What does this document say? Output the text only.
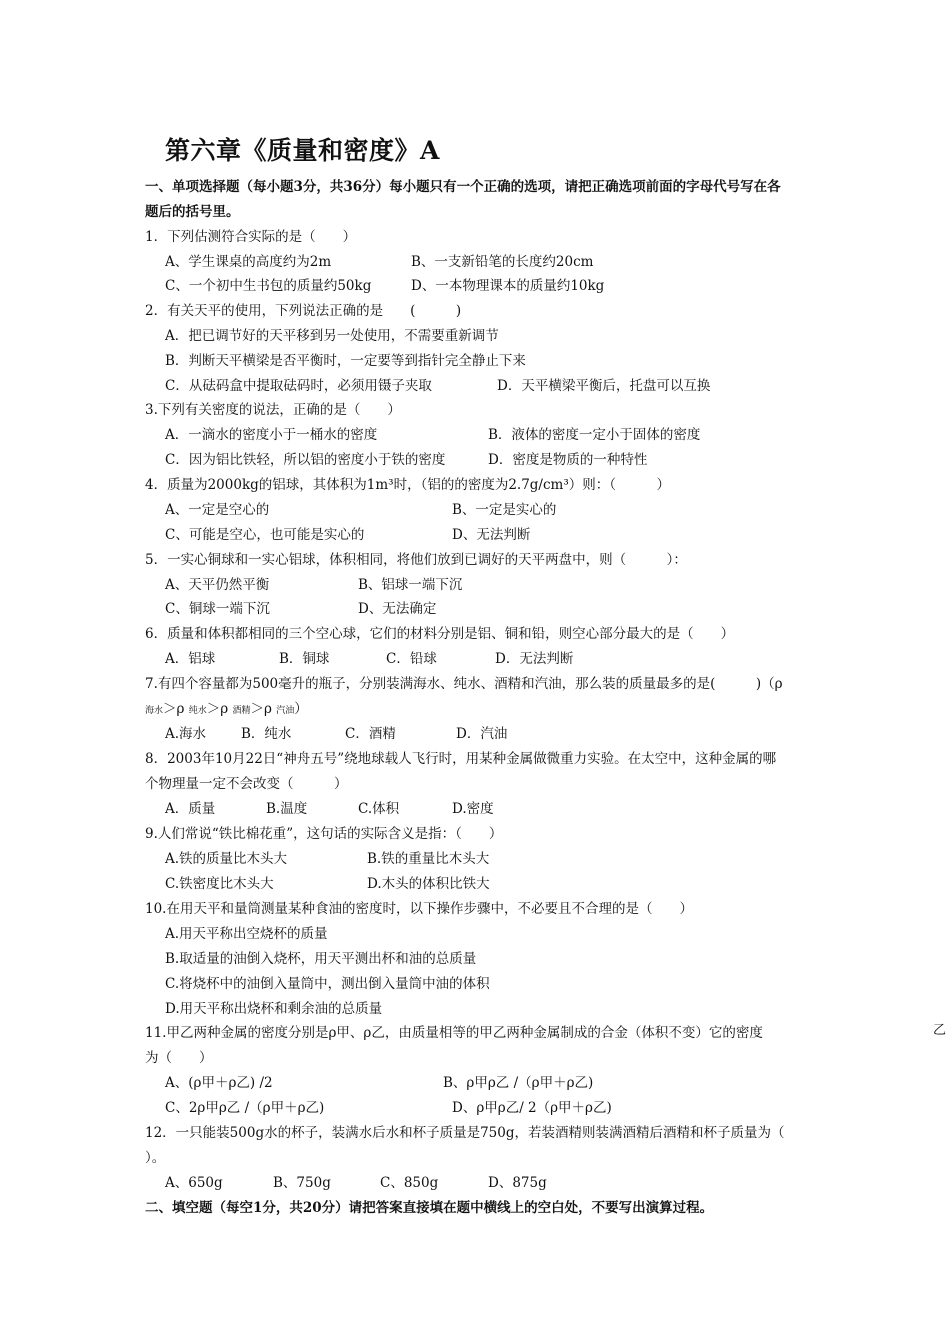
第六章《质量和密度》A
一、单项选择题（每小题3分，共36分）每小题只有一个正确的选项，请把正确选项前面的字母代号写在各
题后的括号里。
1．下列估测符合实际的是（　　）
A、学生课桌的高度约为2m	B、一支新铅笔的长度约20cm
C、一个初中生书包的质量约50kg	D、一本物理课本的质量约10kg
2．有关天平的使用，下列说法正确的是　　(　　　)
A．把已调节好的天平移到另一处使用，不需要重新调节
B．判断天平横梁是否平衡时，一定要等到指针完全静止下来
C．从砝码盒中提取砝码时，必须用镊子夹取	D．天平横梁平衡后，托盘可以互换
3.下列有关密度的说法，正确的是（　　）
A．一滴水的密度小于一桶水的密度	B．液体的密度一定小于固体的密度
C．因为铝比铁轻，所以铝的密度小于铁的密度	D．密度是物质的一种特性
4．质量为2000kg的铝球，其体积为1m³时，（铝的的密度为2.7g/cm³）则：（　　　）
A、一定是空心的	B、一定是实心的
C、可能是空心，也可能是实心的	D、无法判断
5．一实心铜球和一实心铝球，体积相同，将他们放到已调好的天平两盘中，则（　　　）：
A、天平仍然平衡	B、铝球一端下沉
C、铜球一端下沉	D、无法确定
6．质量和体积都相同的三个空心球，它们的材料分别是铝、铜和铅，则空心部分最大的是（　　）
A．铝球	B．铜球	C．铅球	D．无法判断
7.有四个容量都为500毫升的瓶子，分别装满海水、纯水、酒精和汽油，那么装的质量最多的是(　　　)（ρ
海水＞ρ 纯水＞ρ 酒精＞ρ 汽油）
A.海水	B．纯水	C．酒精	D．汽油
8．2003年10月22日“神舟五号”绕地球载人飞行时，用某种金属做微重力实验。在太空中，这种金属的哪
个物理量一定不会改变（　　　）
A．质量	B.温度	C.体积	D.密度
9.人们常说“铁比棉花重”，这句话的实际含义是指：（　　）
A.铁的质量比木头大	B.铁的重量比木头大
C.铁密度比木头大	D.木头的体积比铁大
10.在用天平和量筒测量某种食油的密度时，以下操作步骤中，不必要且不合理的是（　　）
A.用天平称出空烧杯的质量
B.取适量的油倒入烧杯，用天平测出杯和油的总质量
C.将烧杯中的油倒入量筒中，测出倒入量筒中油的体积
D.用天平称出烧杯和剩余油的总质量
11.甲乙两种金属的密度分别是ρ甲、ρ乙，由质量相等的甲乙两种金属制成的合金（体积不变）它的密度	乙
为（　　）
A、(ρ甲＋ρ乙) /2	B、ρ甲ρ乙 /（ρ甲＋ρ乙)
C、2ρ甲ρ乙 /（ρ甲＋ρ乙)	D、ρ甲ρ乙/ 2（ρ甲＋ρ乙)
12．一只能装500g水的杯子，装满水后水和杯子质量是750g，若装酒精则装满酒精后酒精和杯子质量为（
）。
A、650g	B、750g	C、850g	D、875g
二、填空题（每空1分，共20分）请把答案直接填在题中横线上的空白处，不要写出演算过程。
